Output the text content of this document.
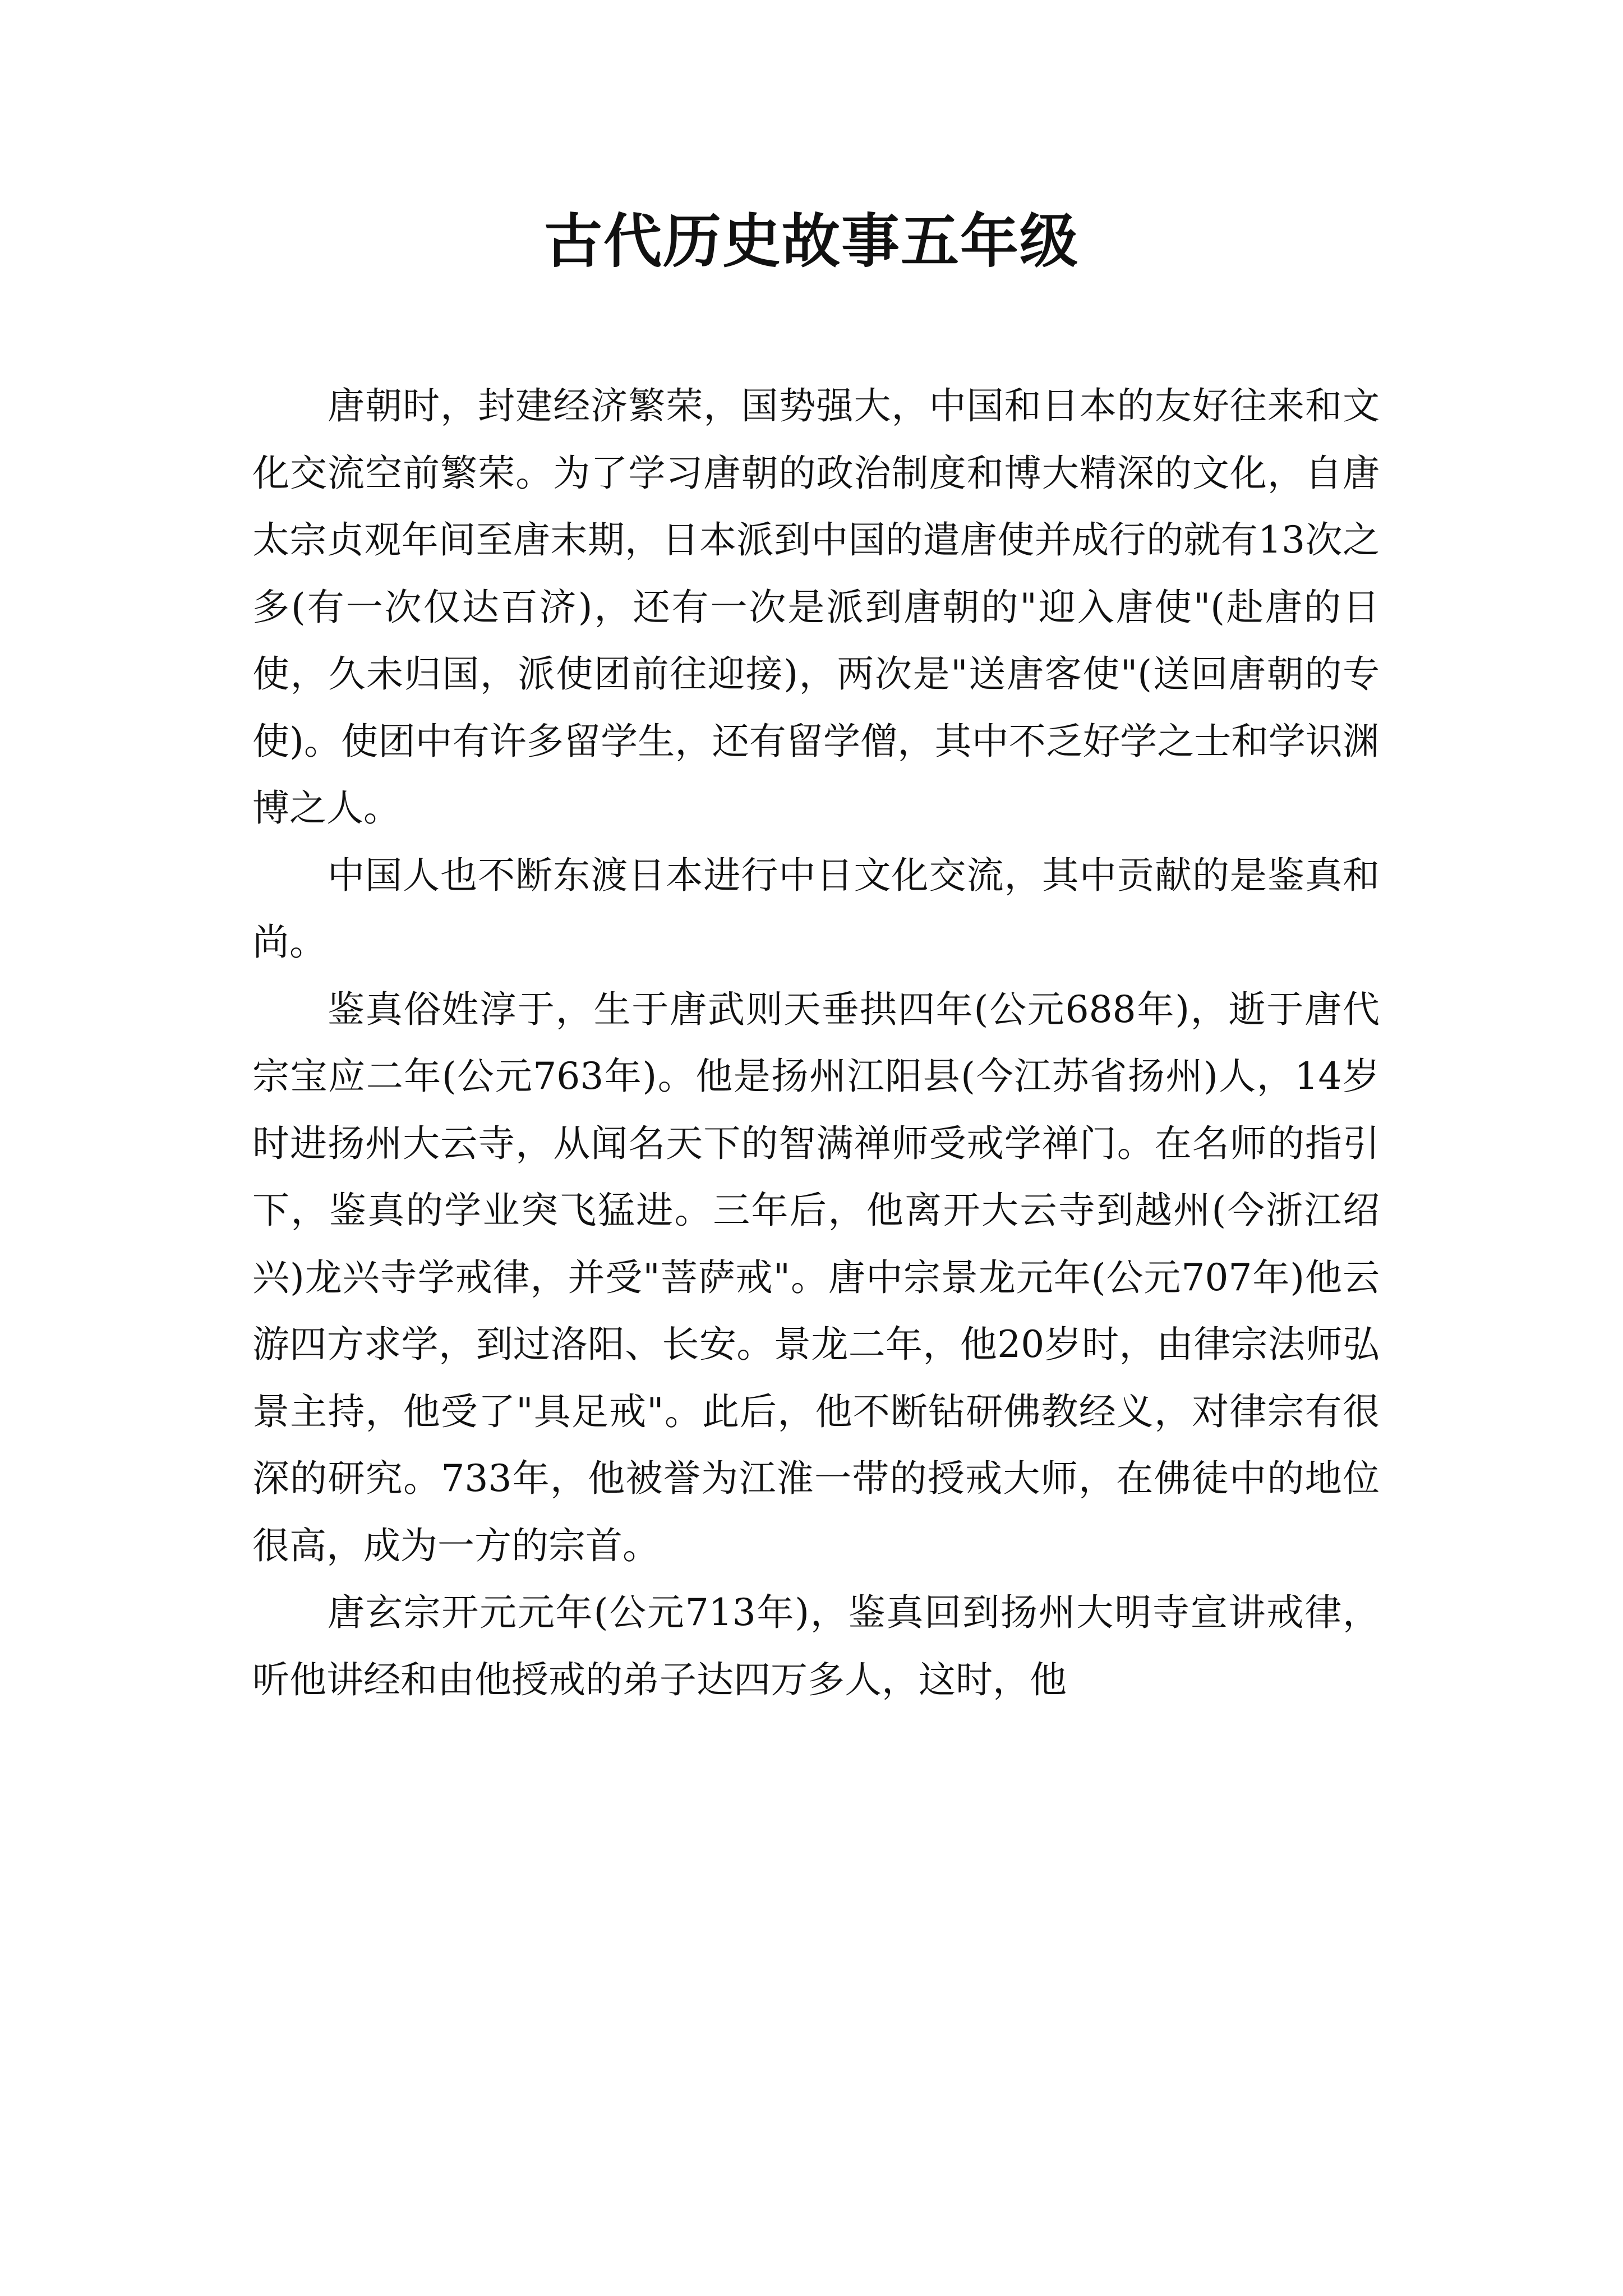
古代历史故事五年级

唐朝时，封建经济繁荣，国势强大，中国和日本的友好往来和文化交流空前繁荣。为了学习唐朝的政治制度和博大精深的文化，自唐太宗贞观年间至唐末期，日本派到中国的遣唐使并成行的就有13次之多(有一次仅达百济)，还有一次是派到唐朝的"迎入唐使"(赴唐的日使，久未归国，派使团前往迎接)，两次是"送唐客使"(送回唐朝的专使)。使团中有许多留学生，还有留学僧，其中不乏好学之士和学识渊博之人。

中国人也不断东渡日本进行中日文化交流，其中贡献的是鉴真和尚。

鉴真俗姓淳于，生于唐武则天垂拱四年(公元688年)，逝于唐代宗宝应二年(公元763年)。他是扬州江阳县(今江苏省扬州)人，14岁时进扬州大云寺，从闻名天下的智满禅师受戒学禅门。在名师的指引下，鉴真的学业突飞猛进。三年后，他离开大云寺到越州(今浙江绍兴)龙兴寺学戒律，并受"菩萨戒"。唐中宗景龙元年(公元707年)他云游四方求学，到过洛阳、长安。景龙二年，他20岁时，由律宗法师弘景主持，他受了"具足戒"。此后，他不断钻研佛教经义，对律宗有很深的研究。733年，他被誉为江淮一带的授戒大师，在佛徒中的地位很高，成为一方的宗首。

唐玄宗开元元年(公元713年)，鉴真回到扬州大明寺宣讲戒律，听他讲经和由他授戒的弟子达四万多人，这时，他
